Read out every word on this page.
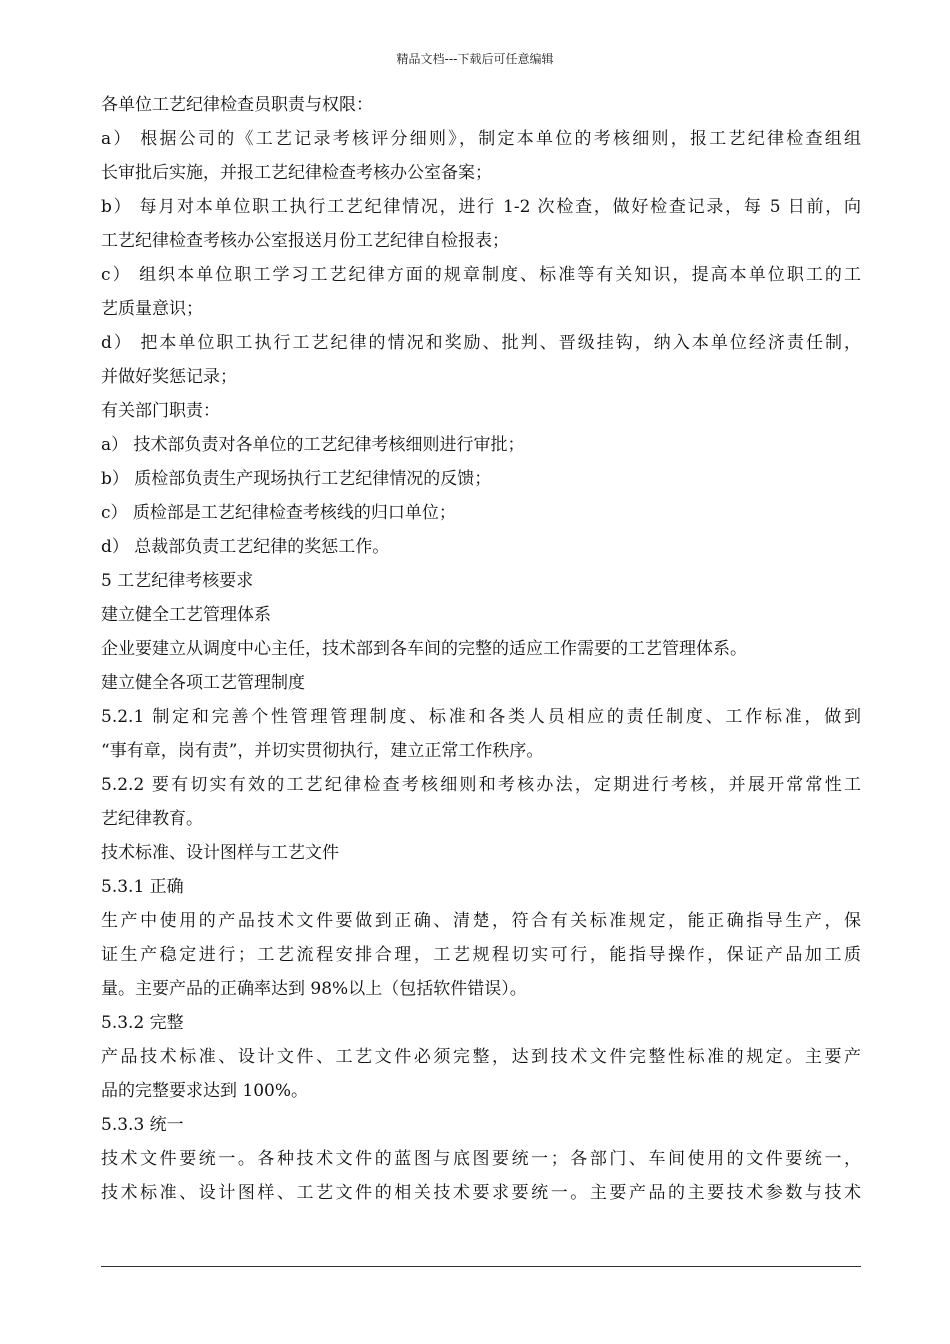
精品文档---下载后可任意编辑
各单位工艺纪律检查员职责与权限：
a） 根据公司的《工艺记录考核评分细则》，制定本单位的考核细则，报工艺纪律检查组组
长审批后实施，并报工艺纪律检查考核办公室备案；
b） 每月对本单位职工执行工艺纪律情况，进行 1-2 次检查，做好检查记录，每 5 日前，向
工艺纪律检查考核办公室报送月份工艺纪律自检报表；
c） 组织本单位职工学习工艺纪律方面的规章制度、标准等有关知识，提高本单位职工的工
艺质量意识；
d） 把本单位职工执行工艺纪律的情况和奖励、批判、晋级挂钩，纳入本单位经济责任制，
并做好奖惩记录；
有关部门职责：
a） 技术部负责对各单位的工艺纪律考核细则进行审批；
b） 质检部负责生产现场执行工艺纪律情况的反馈；
c） 质检部是工艺纪律检查考核线的归口单位；
d） 总裁部负责工艺纪律的奖惩工作。
5 工艺纪律考核要求
建立健全工艺管理体系
企业要建立从调度中心主任，技术部到各车间的完整的适应工作需要的工艺管理体系。
建立健全各项工艺管理制度
5.2.1 制定和完善个性管理管理制度、标准和各类人员相应的责任制度、工作标准，做到
“事有章，岗有责”，并切实贯彻执行，建立正常工作秩序。
5.2.2 要有切实有效的工艺纪律检查考核细则和考核办法，定期进行考核，并展开常常性工
艺纪律教育。
技术标准、设计图样与工艺文件
5.3.1 正确
生产中使用的产品技术文件要做到正确、清楚，符合有关标准规定，能正确指导生产，保
证生产稳定进行；工艺流程安排合理，工艺规程切实可行，能指导操作，保证产品加工质
量。主要产品的正确率达到 98%以上（包括软件错误）。
5.3.2 完整
产品技术标准、设计文件、工艺文件必须完整，达到技术文件完整性标准的规定。主要产
品的完整要求达到 100%。
5.3.3 统一
技术文件要统一。各种技术文件的蓝图与底图要统一；各部门、车间使用的文件要统一，
技术标准、设计图样、工艺文件的相关技术要求要统一。主要产品的主要技术参数与技术
